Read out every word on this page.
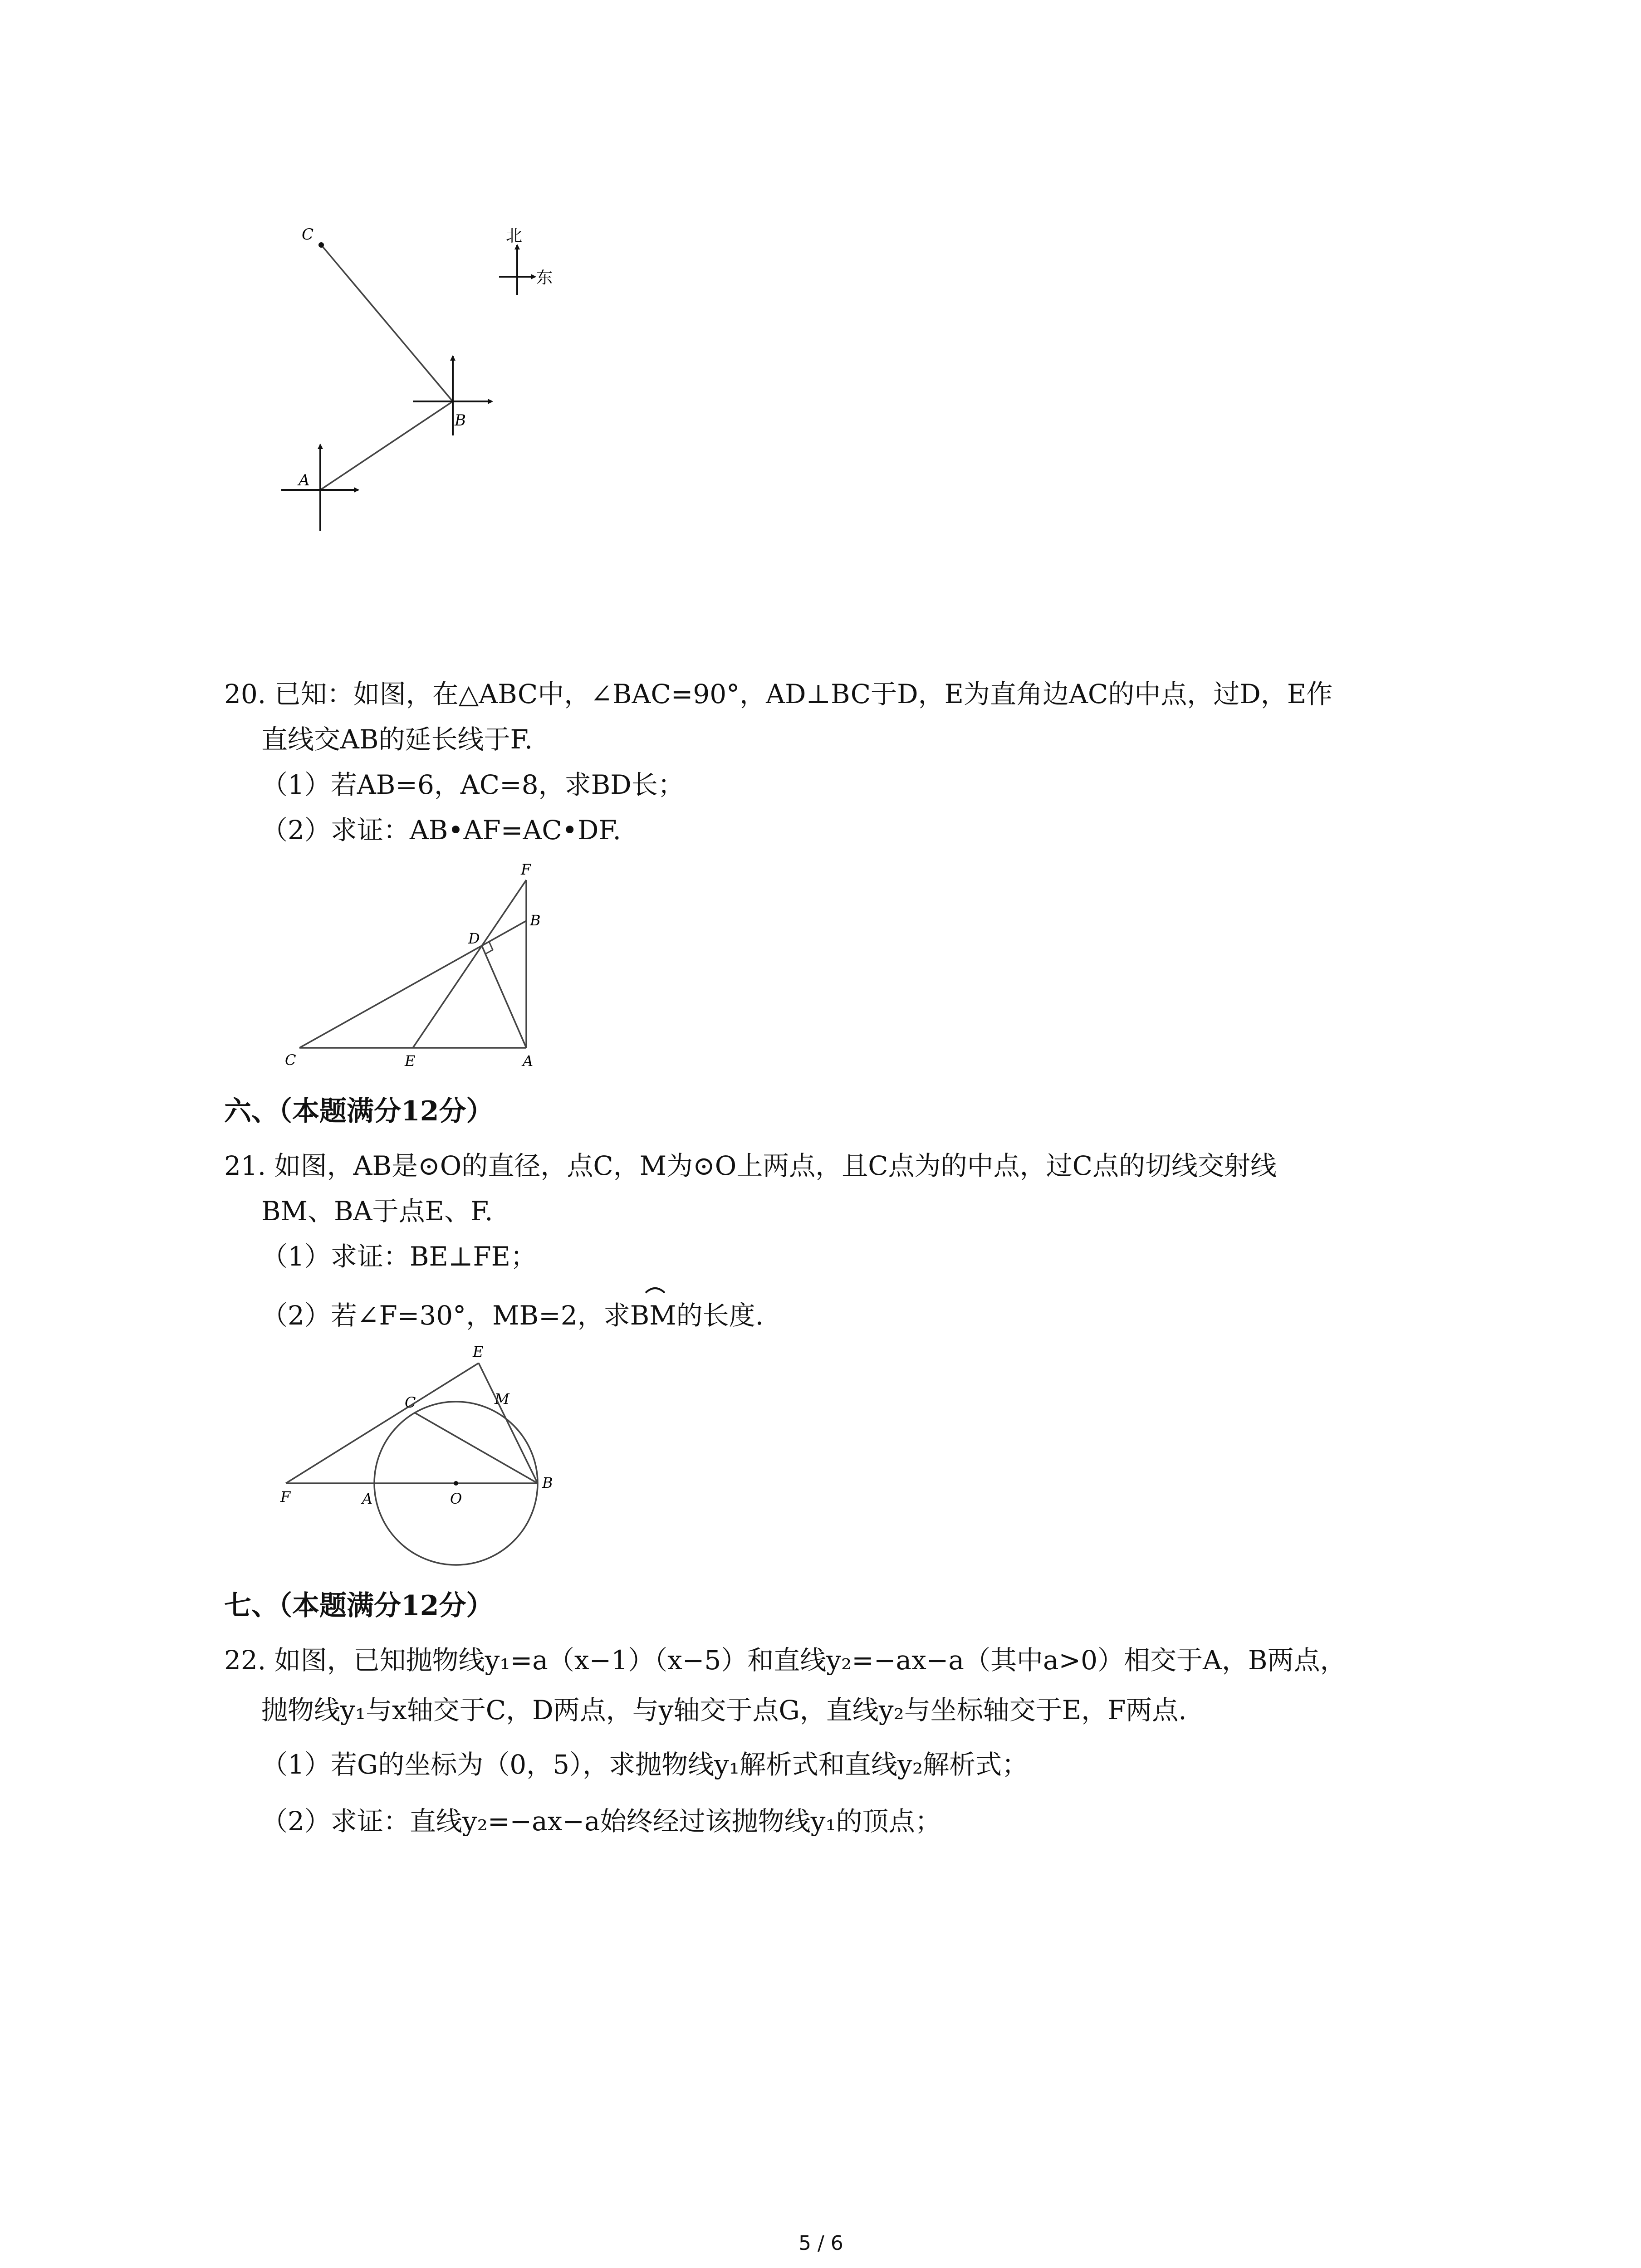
C
B
A
北
东
20. 已知：如图，在△ABC中，∠BAC=90°，AD⊥BC于D，E为直角边AC的中点，过D，E作
直线交AB的延长线于F.
（1）若AB=6，AC=8，求BD长；
（2）求证：AB•AF=AC•DF.
F
B
D
C	E	A
六、（本题满分12分）
21. 如图，AB是⊙O的直径，点C，M为⊙O上两点，且C点为的中点，过C点的切线交射线
BM、BA于点E、F.
（1）求证：BE⊥FE；
（2）若∠F=30°，MB=2，求
BM的长度.
E
C	M
F	A	O
B
七、（本题满分12分）
22. 如图，已知抛物线y₁=a（x−1）（x−5）和直线y₂=−ax−a（其中a>0）相交于A，B两点，
抛物线y₁与x轴交于C，D两点，与y轴交于点G，直线y₂与坐标轴交于E，F两点.
（1）若G的坐标为（0，5），求抛物线y₁解析式和直线y₂解析式；
（2）求证：直线y₂=−ax−a始终经过该抛物线y₁的顶点；
5 / 6
